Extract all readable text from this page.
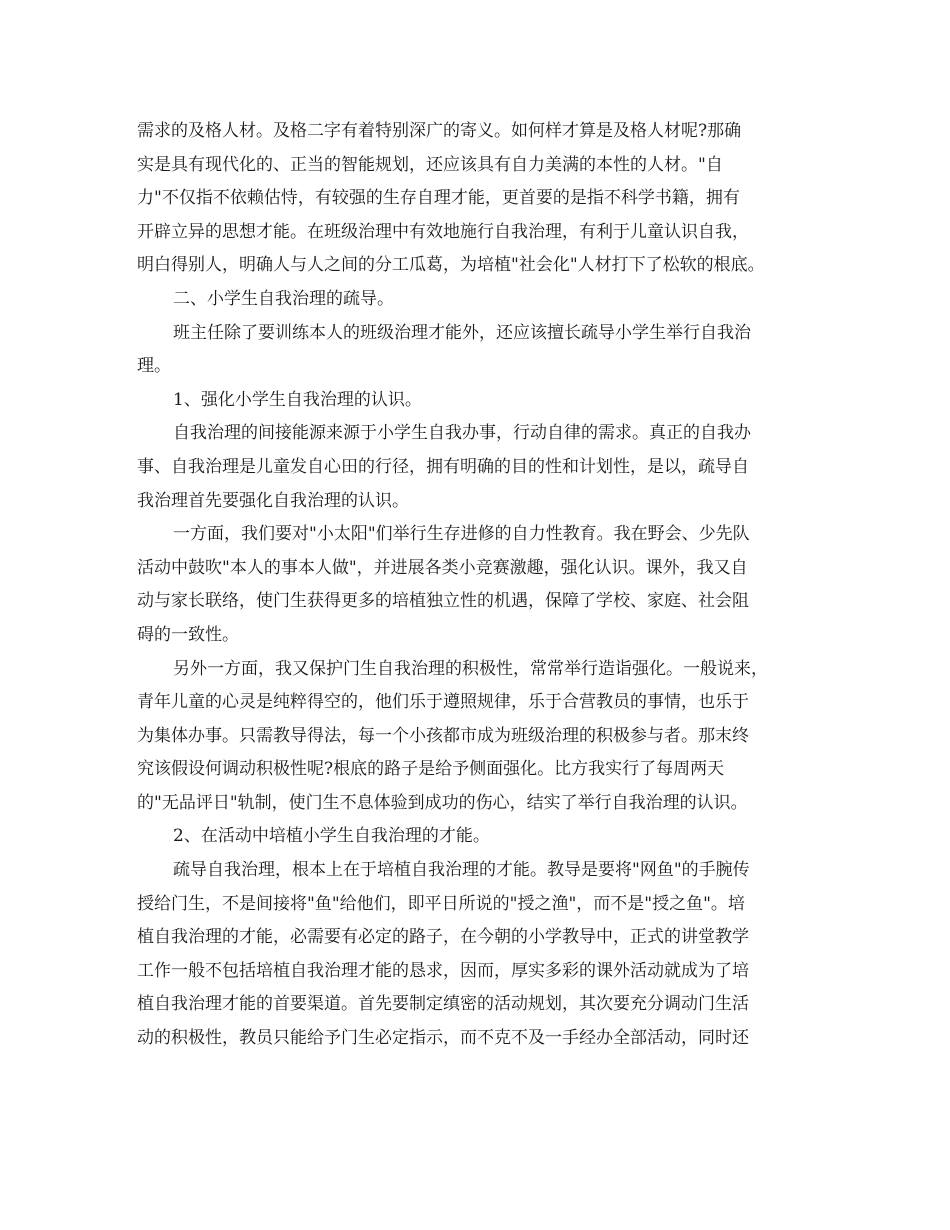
需求的及格人材。及格二字有着特别深广的寄义。如何样才算是及格人材呢?那确
实是具有现代化的、正当的智能规划，还应该具有自力美满的本性的人材。"自
力"不仅指不依赖估恃，有较强的生存自理才能，更首要的是指不科学书籍，拥有
开辟立异的思想才能。在班级治理中有效地施行自我治理，有利于儿童认识自我，
明白得别人，明确人与人之间的分工瓜葛，为培植"社会化"人材打下了松软的根底。
二、小学生自我治理的疏导。
班主任除了要训练本人的班级治理才能外，还应该擅长疏导小学生举行自我治
理。
1、强化小学生自我治理的认识。
自我治理的间接能源来源于小学生自我办事，行动自律的需求。真正的自我办
事、自我治理是儿童发自心田的行径，拥有明确的目的性和计划性，是以，疏导自
我治理首先要强化自我治理的认识。
一方面，我们要对"小太阳"们举行生存进修的自力性教育。我在野会、少先队
活动中鼓吹"本人的事本人做"，并进展各类小竞赛激趣，强化认识。课外，我又自
动与家长联络，使门生获得更多的培植独立性的机遇，保障了学校、家庭、社会阻
碍的一致性。
另外一方面，我又保护门生自我治理的积极性，常常举行造诣强化。一般说来，
青年儿童的心灵是纯粹得空的，他们乐于遵照规律，乐于合营教员的事情，也乐于
为集体办事。只需教导得法，每一个小孩都市成为班级治理的积极参与者。那末终
究该假设何调动积极性呢?根底的路子是给予侧面强化。比方我实行了每周两天
的"无品评日"轨制，使门生不息体验到成功的伤心，结实了举行自我治理的认识。
2、在活动中培植小学生自我治理的才能。
疏导自我治理，根本上在于培植自我治理的才能。教导是要将"网鱼"的手腕传
授给门生，不是间接将"鱼"给他们，即平日所说的"授之渔"，而不是"授之鱼"。培
植自我治理的才能，必需要有必定的路子，在今朝的小学教导中，正式的讲堂教学
工作一般不包括培植自我治理才能的恳求，因而，厚实多彩的课外活动就成为了培
植自我治理才能的首要渠道。首先要制定缜密的活动规划，其次要充分调动门生活
动的积极性，教员只能给予门生必定指示，而不克不及一手经办全部活动，同时还
